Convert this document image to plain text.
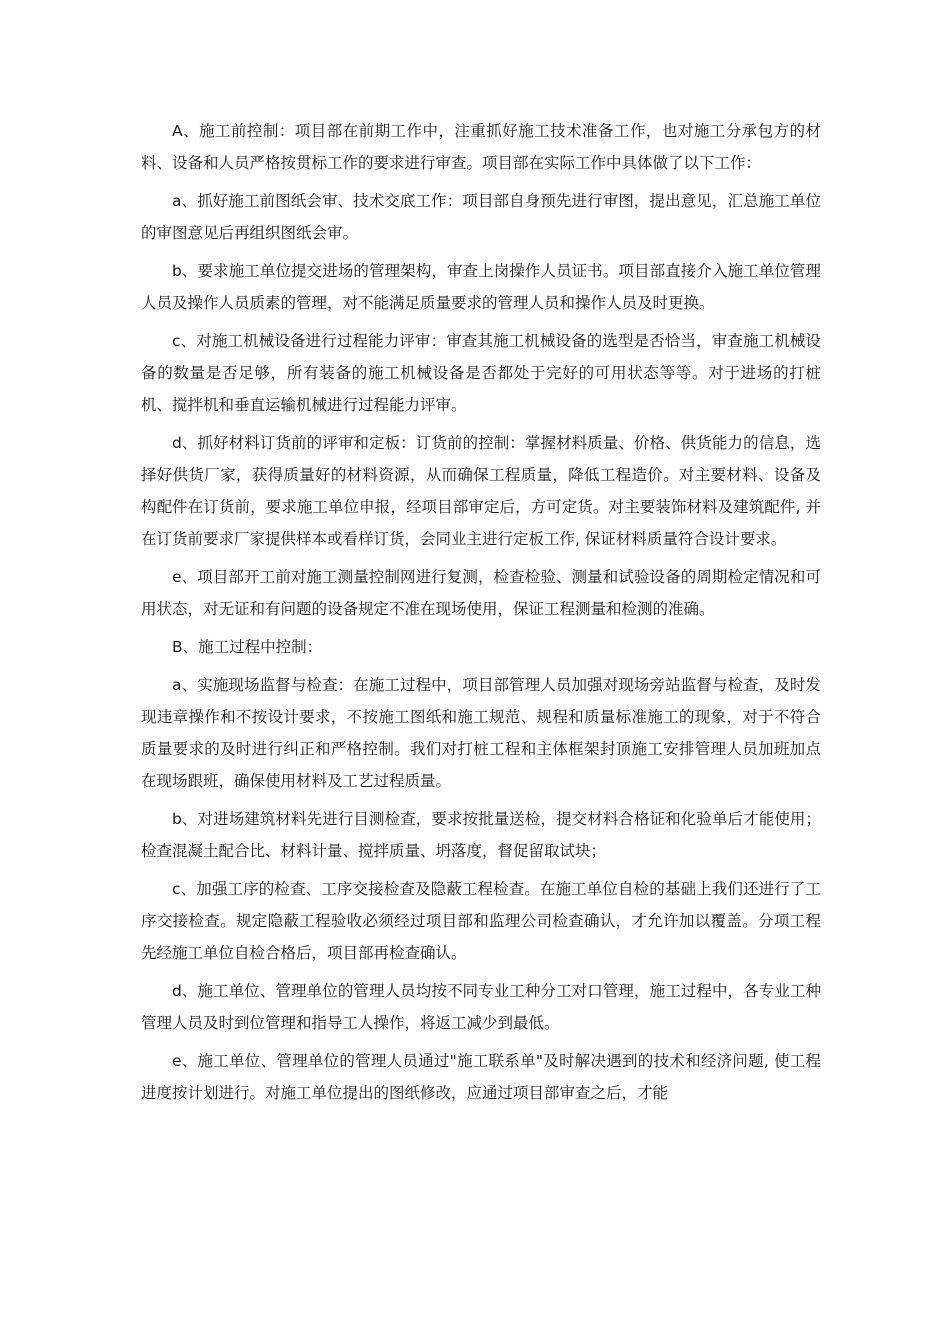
A、施工前控制：项目部在前期工作中，注重抓好施工技术准备工作，也对施工分承包方的材料、设备和人员严格按贯标工作的要求进行审查。项目部在实际工作中具体做了以下工作：

a、抓好施工前图纸会审、技术交底工作：项目部自身预先进行审图，提出意见，汇总施工单位的审图意见后再组织图纸会审。

b、要求施工单位提交进场的管理架构，审查上岗操作人员证书。项目部直接介入施工单位管理人员及操作人员质素的管理，对不能满足质量要求的管理人员和操作人员及时更换。

c、对施工机械设备进行过程能力评审：审查其施工机械设备的选型是否恰当，审查施工机械设备的数量是否足够，所有装备的施工机械设备是否都处于完好的可用状态等等。对于进场的打桩机、搅拌机和垂直运输机械进行过程能力评审。

d、抓好材料订货前的评审和定板：订货前的控制：掌握材料质量、价格、供货能力的信息，选择好供货厂家，获得质量好的材料资源，从而确保工程质量，降低工程造价。对主要材料、设备及构配件在订货前，要求施工单位申报，经项目部审定后，方可定货。对主要装饰材料及建筑配件, 并在订货前要求厂家提供样本或看样订货，会同业主进行定板工作, 保证材料质量符合设计要求。

e、项目部开工前对施工测量控制网进行复测，检查检验、测量和试验设备的周期检定情况和可用状态，对无证和有问题的设备规定不准在现场使用，保证工程测量和检测的准确。

B、施工过程中控制：

a、实施现场监督与检查：在施工过程中，项目部管理人员加强对现场旁站监督与检查，及时发现违章操作和不按设计要求，不按施工图纸和施工规范、规程和质量标准施工的现象，对于不符合质量要求的及时进行纠正和严格控制。我们对打桩工程和主体框架封顶施工安排管理人员加班加点在现场跟班，确保使用材料及工艺过程质量。

b、对进场建筑材料先进行目测检查，要求按批量送检，提交材料合格证和化验单后才能使用；检查混凝土配合比、材料计量、搅拌质量、坍落度，督促留取试块；

c、加强工序的检查、工序交接检查及隐蔽工程检查。在施工单位自检的基础上我们还进行了工序交接检查。规定隐蔽工程验收必须经过项目部和监理公司检查确认，才允许加以覆盖。分项工程先经施工单位自检合格后，项目部再检查确认。

d、施工单位、管理单位的管理人员均按不同专业工种分工对口管理，施工过程中，各专业工种管理人员及时到位管理和指导工人操作，将返工减少到最低。

e、施工单位、管理单位的管理人员通过"施工联系单"及时解决遇到的技术和经济问题, 使工程进度按计划进行。对施工单位提出的图纸修改，应通过项目部审查之后，才能
